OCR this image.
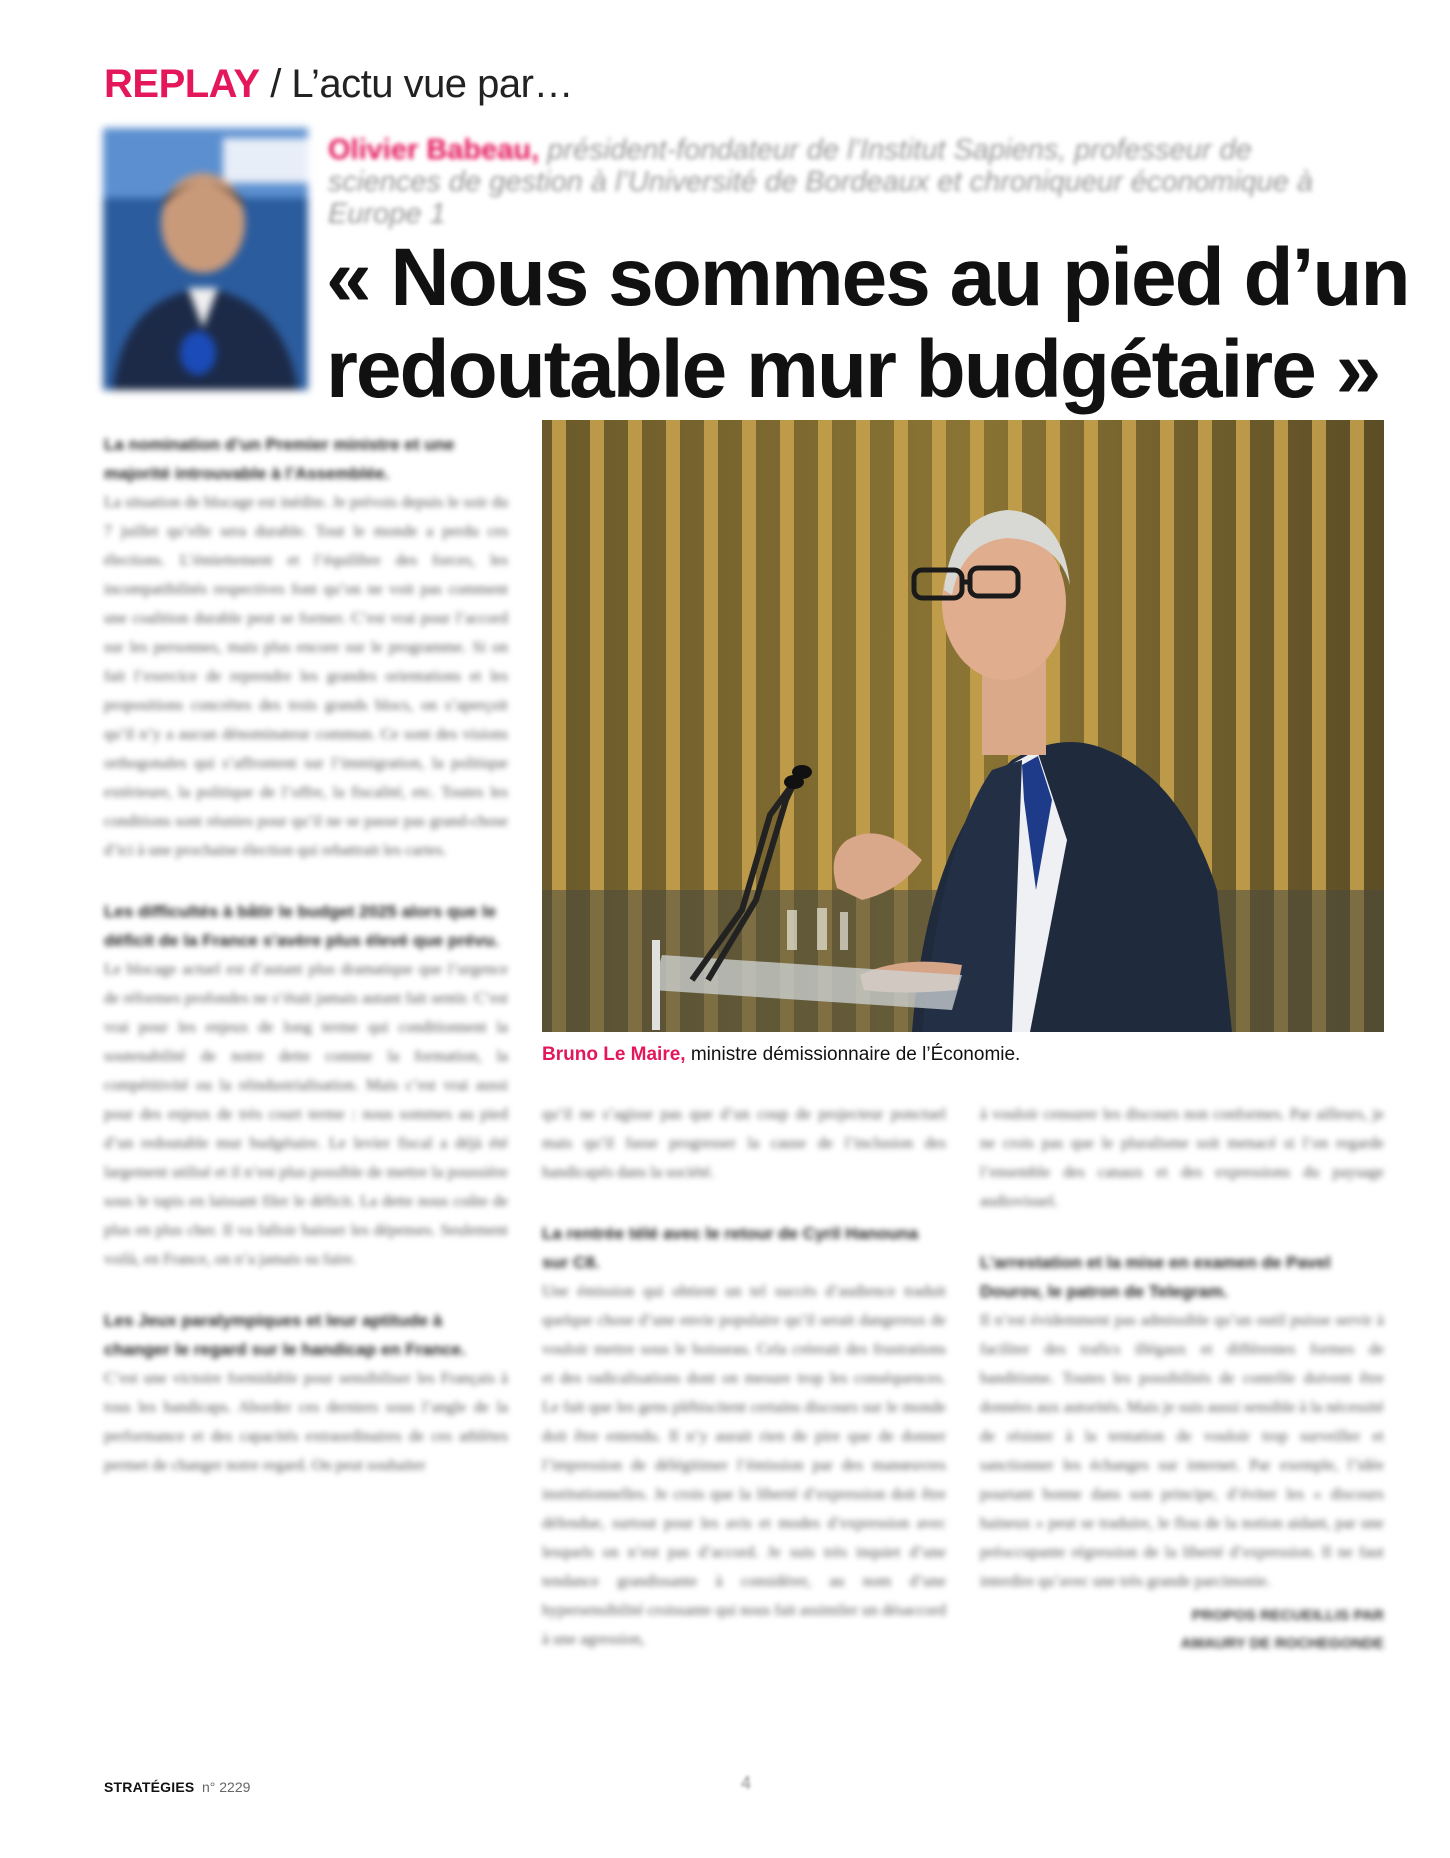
REPLAY / L’actu vue par…
Olivier Babeau, président-fondateur de l’Institut Sapiens, professeur de sciences de gestion à l’Université de Bordeaux et chroniqueur économique à Europe 1
« Nous sommes au pied d’un redoutable mur budgétaire »
Bruno Le Maire, ministre démissionnaire de l’Économie.

La nomination d’un Premier ministre et une majorité introuvable à l’Assemblée.

La situation de blocage est inédite. Je prévois depuis le soir du 7 juillet qu’elle sera durable. Tout le monde a perdu ces élections. L’émiettement et l’équilibre des forces, les incompatibilités respectives font qu’on ne voit pas comment une coalition durable peut se former. C’est vrai pour l’accord sur les personnes, mais plus encore sur le programme. Si on fait l’exercice de reprendre les grandes orientations et les propositions concrètes des trois grands blocs, on s’aperçoit qu’il n’y a aucun dénominateur commun. Ce sont des visions orthogonales qui s’affrontent sur l’immigration, la politique extérieure, la politique de l’offre, la fiscalité, etc. Toutes les conditions sont réunies pour qu’il ne se passe pas grand-chose d’ici à une prochaine élection qui rebattrait les cartes.

Les difficultés à bâtir le budget 2025 alors que le déficit de la France s’avère plus élevé que prévu.

Le blocage actuel est d’autant plus dramatique que l’urgence de réformes profondes ne s’était jamais autant fait sentir. C’est vrai pour les enjeux de long terme qui conditionnent la soutenabilité de notre dette comme la formation, la compétitivité ou la réindustrialisation. Mais c’est vrai aussi pour des enjeux de très court terme : nous sommes au pied d’un redoutable mur budgétaire. Le levier fiscal a déjà été largement utilisé et il n’est plus possible de mettre la poussière sous le tapis en laissant filer le déficit. La dette nous coûte de plus en plus cher. Il va falloir baisser les dépenses. Seulement voilà, en France, on n’a jamais su faire.

Les Jeux paralympiques et leur aptitude à changer le regard sur le handicap en France.

C’est une victoire formidable pour sensibiliser les Français à tous les handicaps. Aborder ces derniers sous l’angle de la performance et des capacités extraordinaires de ces athlètes permet de changer notre regard. On peut souhaiter

qu’il ne s’agisse pas que d’un coup de projecteur ponctuel mais qu’il fasse progresser la cause de l’inclusion des handicapés dans la société.

La rentrée télé avec le retour de Cyril Hanouna sur C8.

Une émission qui obtient un tel succès d’audience traduit quelque chose d’une envie populaire qu’il serait dangereux de vouloir mettre sous le boisseau. Cela créerait des frustrations et des radicalisations dont on mesure trop les conséquences. Le fait que les gens plébiscitent certains discours sur le monde doit être entendu. Il n’y aurait rien de pire que de donner l’impression de délégitimer l’émission par des manœuvres institutionnelles. Je crois que la liberté d’expression doit être défendue, surtout pour les avis et modes d’expression avec lesquels on n’est pas d’accord. Je suis très inquiet d’une tendance grandissante à considérer, au nom d’une hypersensibilité croissante qui nous fait assimiler un désaccord à une agression,

à vouloir censurer les discours non conformes. Par ailleurs, je ne crois pas que le pluralisme soit menacé si l’on regarde l’ensemble des canaux et des expressions du paysage audiovisuel.

L’arrestation et la mise en examen de Pavel Dourov, le patron de Telegram.

Il n’est évidemment pas admissible qu’un outil puisse servir à faciliter des trafics illégaux et différentes formes de banditisme. Toutes les possibilités de contrôle doivent être données aux autorités. Mais je suis aussi sensible à la nécessité de résister à la tentation de vouloir trop surveiller et sanctionner les échanges sur internet. Par exemple, l’idée pourtant bonne dans son principe, d’éviter les « discours haineux » peut se traduire, le flou de la notion aidant, par une préoccupante régression de la liberté d’expression. Il ne faut interdire qu’avec une très grande parcimonie.

PROPOS RECUEILLIS PAR
AMAURY DE ROCHEGONDE
STRATÉGIES n° 2229	4
